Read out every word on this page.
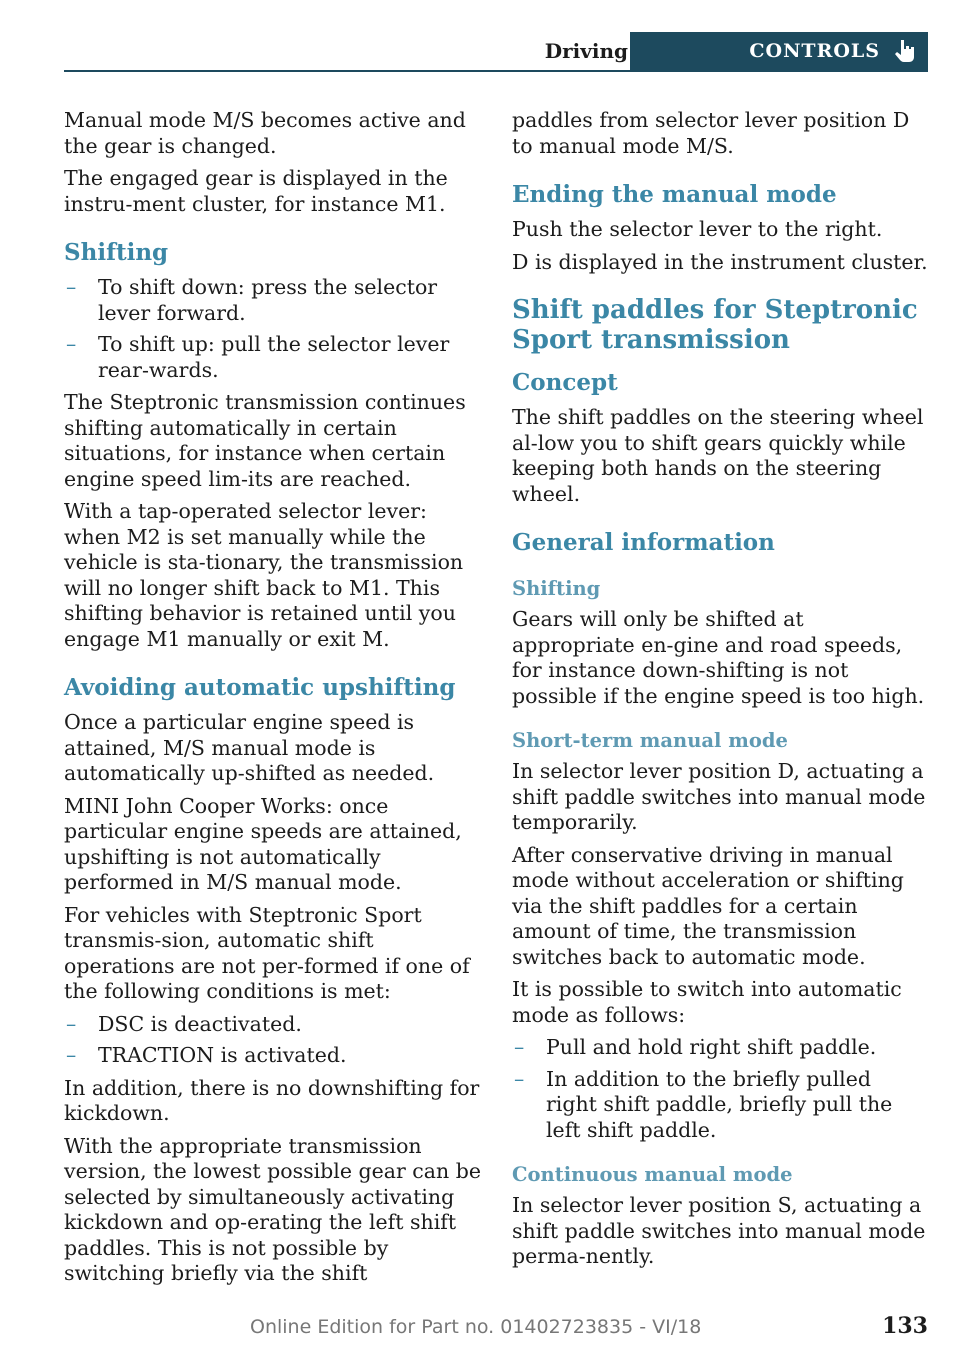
Driving	CONTROLS

Manual mode M/S becomes active and the gear is changed.

The engaged gear is displayed in the instru‐ment cluster, for instance M1.

Shifting
– To shift down: press the selector lever forward.
– To shift up: pull the selector lever rear‐wards.

The Steptronic transmission continues shifting automatically in certain situations, for instance when certain engine speed lim‐its are reached.

With a tap-operated selector lever: when M2 is set manually while the vehicle is sta‐tionary, the transmission will no longer shift back to M1. This shifting behavior is retained until you engage M1 manually or exit M.

Avoiding automatic upshifting

Once a particular engine speed is attained, M/S manual mode is automatically up‐shifted as needed.

MINI John Cooper Works: once particular engine speeds are attained, upshifting is not automatically performed in M/S manual mode.

For vehicles with Steptronic Sport transmis‐sion, automatic shift operations are not per‐formed if one of the following conditions is met:

– DSC is deactivated.
– TRACTION is activated.

In addition, there is no downshifting for kickdown.

With the appropriate transmission version, the lowest possible gear can be selected by simultaneously activating kickdown and op‐erating the left shift paddles. This is not possible by switching briefly via the shift

paddles from selector lever position D to manual mode M/S.

Ending the manual mode

Push the selector lever to the right.

D is displayed in the instrument cluster.

Shift paddles for Steptronic Sport transmission
Concept

The shift paddles on the steering wheel al‐low you to shift gears quickly while keeping both hands on the steering wheel.

General information
Shifting

Gears will only be shifted at appropriate en‐gine and road speeds, for instance down‐shifting is not possible if the engine speed is too high.

Short-term manual mode

In selector lever position D, actuating a shift paddle switches into manual mode temporarily.

After conservative driving in manual mode without acceleration or shifting via the shift paddles for a certain amount of time, the transmission switches back to automatic mode.

It is possible to switch into automatic mode as follows:

– Pull and hold right shift paddle.
– In addition to the briefly pulled right shift paddle, briefly pull the left shift paddle.
Continuous manual mode

In selector lever position S, actuating a shift paddle switches into manual mode perma‐nently.

Online Edition for Part no. 01402723835 - VI/18	133
